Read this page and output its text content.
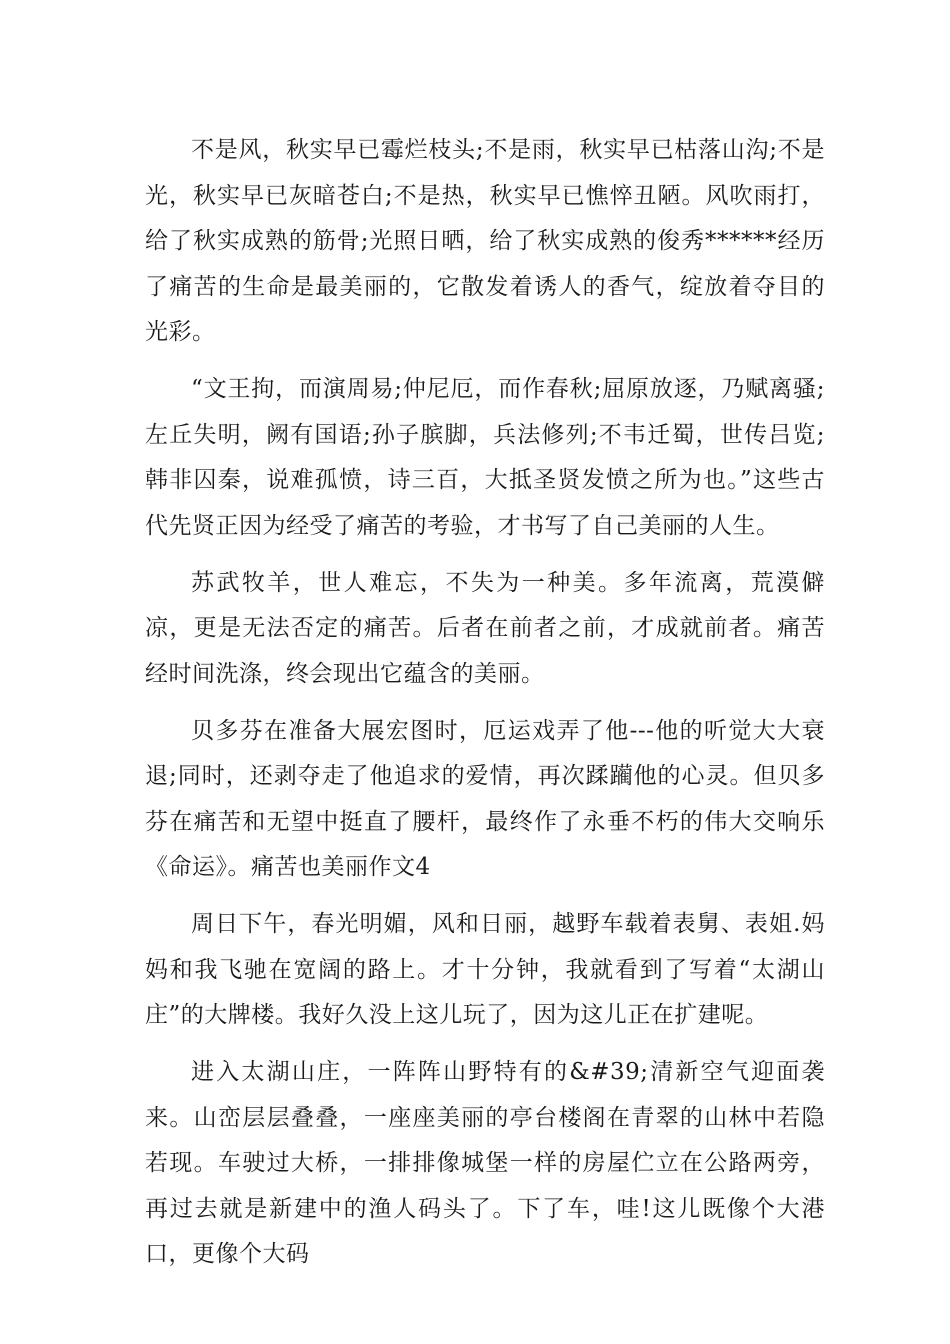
不是风，秋实早已霉烂枝头;不是雨，秋实早已枯落山沟;不是光，秋实早已灰暗苍白;不是热，秋实早已憔悴丑陋。风吹雨打，给了秋实成熟的筋骨;光照日晒，给了秋实成熟的俊秀******经历了痛苦的生命是最美丽的，它散发着诱人的香气，绽放着夺目的光彩。

“文王拘，而演周易;仲尼厄，而作春秋;屈原放逐，乃赋离骚;左丘失明，阙有国语;孙子膑脚，兵法修列;不韦迁蜀，世传吕览;韩非囚秦，说难孤愤，诗三百，大抵圣贤发愤之所为也。”这些古代先贤正因为经受了痛苦的考验，才书写了自己美丽的人生。

苏武牧羊，世人难忘，不失为一种美。多年流离，荒漠僻凉，更是无法否定的痛苦。后者在前者之前，才成就前者。痛苦经时间洗涤，终会现出它蕴含的美丽。

贝多芬在准备大展宏图时，厄运戏弄了他---他的听觉大大衰退;同时，还剥夺走了他追求的爱情，再次蹂躏他的心灵。但贝多芬在痛苦和无望中挺直了腰杆，最终作了永垂不朽的伟大交响乐《命运》。痛苦也美丽作文4

周日下午，春光明媚，风和日丽，越野车载着表舅、表姐.妈妈和我飞驰在宽阔的路上。才十分钟，我就看到了写着“太湖山庄”的大牌楼。我好久没上这儿玩了，因为这儿正在扩建呢。

进入太湖山庄，一阵阵山野特有的&#39;清新空气迎面袭来。山峦层层叠叠，一座座美丽的亭台楼阁在青翠的山林中若隐若现。车驶过大桥，一排排像城堡一样的房屋伫立在公路两旁，再过去就是新建中的渔人码头了。下了车，哇!这儿既像个大港口，更像个大码
